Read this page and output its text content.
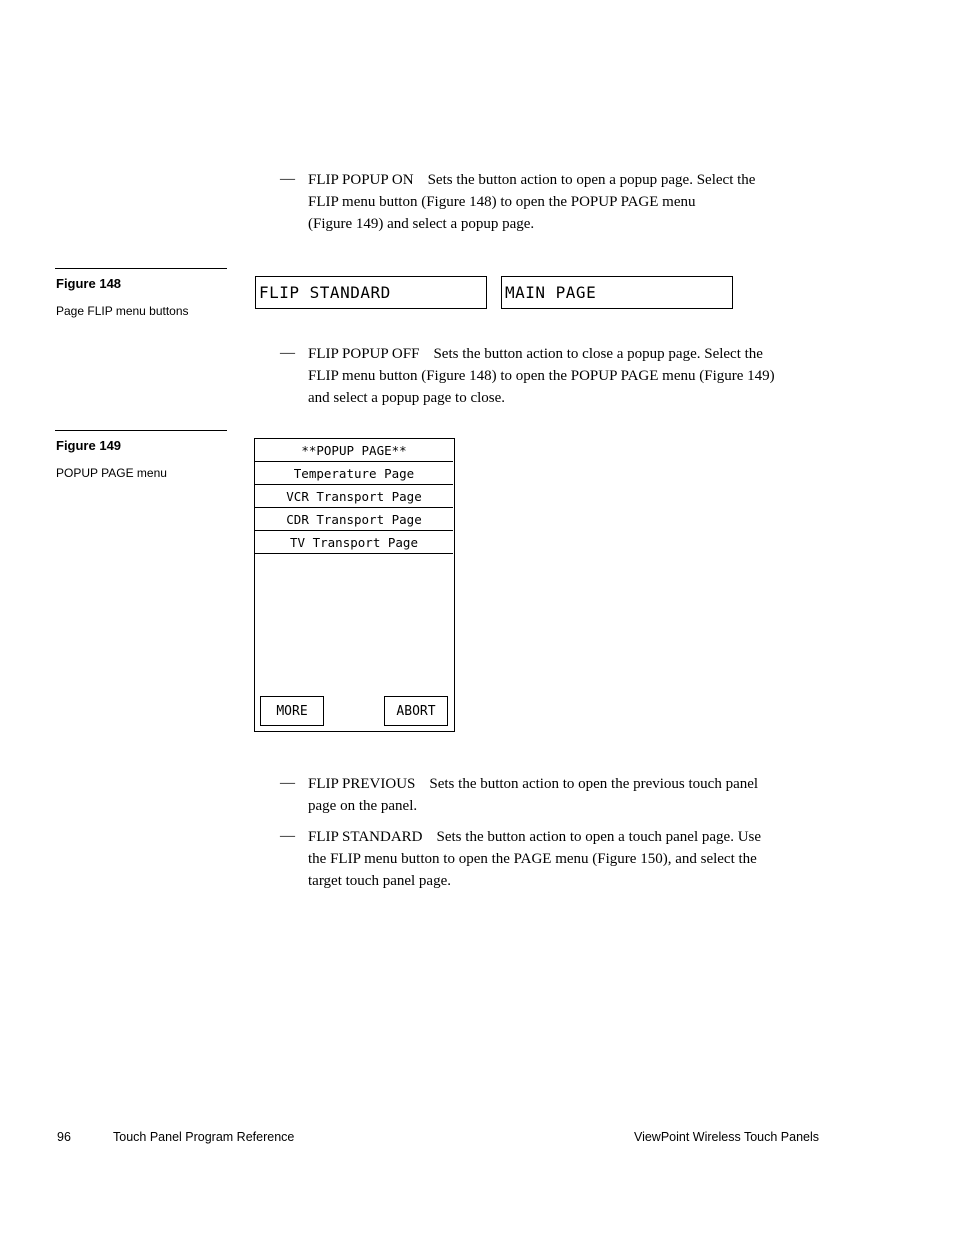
— FLIP POPUP ON Sets the button action to open a popup page. Select the
FLIP menu button (Figure 148) to open the POPUP PAGE menu
(Figure 149) and select a popup page.
Figure 148
Page FLIP menu buttons
FLIP STANDARD	MAIN PAGE
— FLIP POPUP OFF Sets the button action to close a popup page. Select the
FLIP menu button (Figure 148) to open the POPUP PAGE menu (Figure 149)
and select a popup page to close.
Figure 149
POPUP PAGE menu
**POPUP PAGE**
Temperature Page
VCR Transport Page
CDR Transport Page
TV Transport Page
MORE	ABORT
— FLIP PREVIOUS Sets the button action to open the previous touch panel
page on the panel.
— FLIP STANDARD Sets the button action to open a touch panel page. Use
the FLIP menu button to open the PAGE menu (Figure 150), and select the
target touch panel page.
96	Touch Panel Program Reference	ViewPoint Wireless Touch Panels
